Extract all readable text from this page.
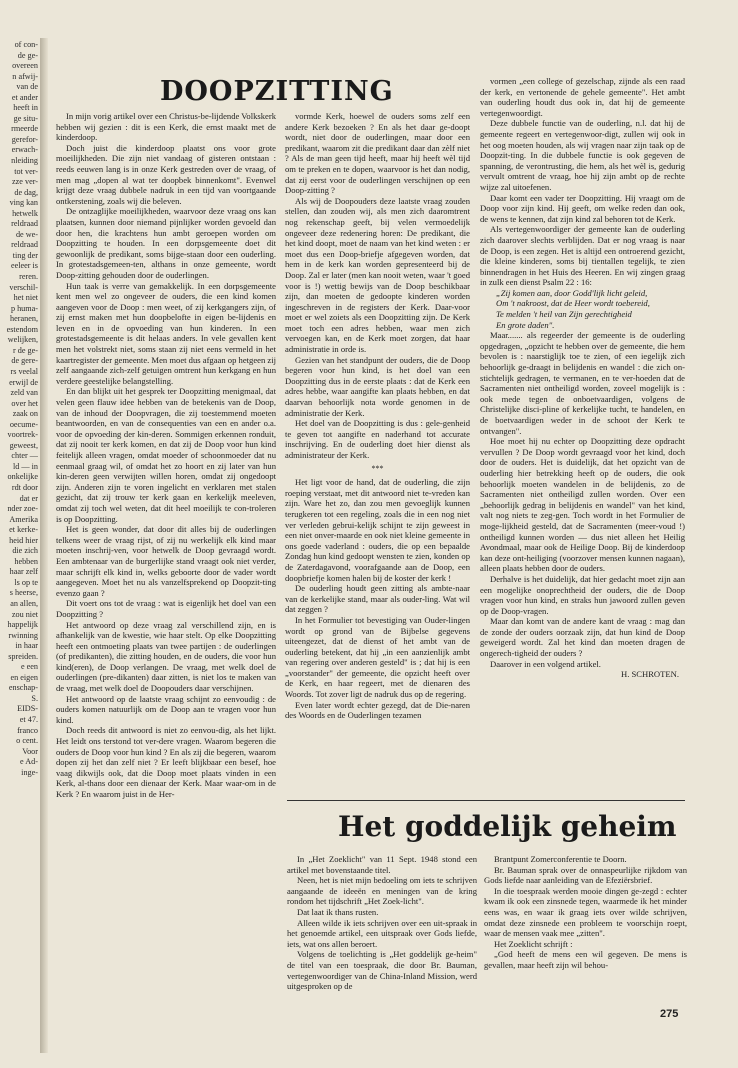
of con-
de ge-
overeen
n afwij-
van de
et ander
heeft in
ge situ-
rmeerde
gerefor-
erwach-
nleiding
tot ver-
zze ver-
de dag,
ving kan
hetwelk
reldraad
de we-
reldraad
ting der
eeleer is
reren.
verschil-
het niet
p huma-
heranen,
estendom
welijken,
r de ge-
de gere-
rs veelal
erwijl de
zeld van
over het
zaak on
oecume-
voortrek-
geweest,
chter —
ld — in
onkelijke
rdt door
dat er
nder zoe-
Amerika
et kerke-
heid hier
die zich
hebben
haar zelf
ls op te
s heerse,
an allen,
zou niet
happelijk
rwinning
in haar
spreiden.
e een
en eigen
enschap-
S.
EIDS-
et 47.
franco
o cent.
Voor
e Ad-
inge-
DOOPZITTING

In mijn vorig artikel over een Christus-be-lijdende Volkskerk hebben wij gezien : dit is een Kerk, die ernst maakt met de kinderdoop.

Doch juist die kinderdoop plaatst ons voor grote moeilijkheden. Die zijn niet vandaag of gisteren ontstaan : reeds eeuwen lang is in onze Kerk gestreden over de vraag, of men mag „dopen al wat ter doopbek binnenkomt". Evenwel krijgt deze vraag dubbele nadruk in een tijd van voortgaande ontkerstening, zoals wij die beleven.

De ontzaglijke moeilijkheden, waarvoor deze vraag ons kan plaatsen, kunnen door niemand pijnlijker worden gevoeld dan door hen, die krachtens hun ambt geroepen worden om Doopzitting te houden. In een dorpsgemeente doet dit gewoonlijk de predikant, soms bijge-staan door een ouderling. In grotestadsgemeen-ten, althans in onze gemeente, wordt Doop-zitting gehouden door de ouderlingen.

Hun taak is verre van gemakkelijk. In een dorpsgemeente kent men wel zo ongeveer de ouders, die een kind komen aangeven voor de Doop : men weet, of zij kerkgangers zijn, of zij ernst maken met hun doopbelofte in eigen be-lijdenis en leven en in de opvoeding van hun kinderen. In een grotestadsgemeente is dit helaas anders. In vele gevallen kent men het volstrekt niet, soms staan zij niet eens vermeld in het kaartregister der gemeente. Men moet dus afgaan op hetgeen zij zelf aangaande zich-zelf getuigen omtrent hun kerkgang en hun verdere geestelijke belangstelling.

En dan blijkt uit het gesprek ter Doopzitting menigmaal, dat velen geen flauw idee hebben van de betekenis van de Doop, van de inhoud der Doopvragen, die zij toestemmend moeten beantwoorden, en van de consequenties van een en ander o.a. voor de opvoeding der kin-deren. Sommigen erkennen ronduit, dat zij nooit ter kerk komen, en dat zij de Doop voor hun kind feitelijk alleen vragen, omdat moeder of schoonmoeder dat nu eenmaal graag wil, of omdat het zo hoort en zij later van hun kin-deren geen verwijten willen horen, omdat zij ongedoopt zijn. Anderen zijn te voren ingelicht en verklaren met stalen gezicht, dat zij trouw ter kerk gaan en kerkelijk meeleven, omdat zij toch wel weten, dat dit heel moeilijk te con-troleren is op Doopzitting.

Het is geen wonder, dat door dit alles bij de ouderlingen telkens weer de vraag rijst, of zij nu werkelijk elk kind maar moeten inschrij-ven, voor hetwelk de Doop gevraagd wordt. Een ambtenaar van de burgerlijke stand vraagt ook niet verder, maar schrijft elk kind in, welks geboorte door de vader wordt aangegeven. Moet het nu als vanzelfsprekend op Doopzit-ting evenzo gaan ?

Dit voert ons tot de vraag : wat is eigenlijk het doel van een Doopzitting ?

Het antwoord op deze vraag zal verschillend zijn, en is afhankelijk van de kwestie, wie haar stelt. Op elke Doopzitting heeft een ontmoeting plaats van twee partijen : de ouderlingen (of predikanten), die zitting houden, en de ouders, die voor hun kind(eren), de Doop verlangen. De vraag, met welk doel de ouderlingen (pre-dikanten) daar zitten, is niet los te maken van de vraag, met welk doel de Doopouders daar verschijnen.

Het antwoord op de laatste vraag schijnt zo eenvoudig : de ouders komen natuurlijk om de Doop aan te vragen voor hun kind.

Doch reeds dit antwoord is niet zo eenvou-dig, als het lijkt. Het leidt ons terstond tot ver-dere vragen. Waarom begeren die ouders de Doop voor hun kind ? En als zij die begeren, waarom dopen zij het dan zelf niet ? Er leeft blijkbaar een besef, hoe vaag dikwijls ook, dat die Doop moet plaats vinden in een Kerk, al-thans door een dienaar der Kerk. Maar waar-om in de Kerk ? En waarom juist in de Her-

vormde Kerk, hoewel de ouders soms zelf een andere Kerk bezoeken ? En als het daar ge-doopt wordt, niet door de ouderlingen, maar door een predikant, waarom zit die predikant daar dan zèlf niet ? Als de man geen tijd heeft, maar hij heeft wèl tijd om te preken en te dopen, waarvoor is het dan nodig, dat zij eerst voor de ouderlingen verschijnen op een Doop-zitting ?

Als wij de Doopouders deze laatste vraag zouden stellen, dan zouden wij, als men zich daaromtrent nog rekenschap geeft, bij velen vermoedelijk ongeveer deze redenering horen: De predikant, die het kind doopt, moet de naam van het kind weten : er moet dus een Doop-briefje afgegeven worden, dat hem in de kerk kan worden gepresenteerd bij de Doop. Zal er later (men kan nooit weten, waar 't goed voor is !) wettig bewijs van de Doop beschikbaar zijn, dan moeten de gedoopte kinderen worden ingeschreven in de registers der Kerk. Daar-voor moet er wel zoiets als een Doopzitting zijn. De Kerk moet toch een adres hebben, waar men zich vervoegen kan, en de Kerk moet zorgen, dat haar administratie in orde is.

Gezien van het standpunt der ouders, die de Doop begeren voor hun kind, is het doel van een Doopzitting dus in de eerste plaats : dat de Kerk een adres hebbe, waar aangifte kan plaats hebben, en dat daarvan behoorlijk nota worde genomen in de administratie der Kerk.

Het doel van de Doopzitting is dus : gele-genheid te geven tot aangifte en naderhand tot accurate inschrijving. En de ouderling doet hier dienst als administrateur der Kerk.

***

Het ligt voor de hand, dat de ouderling, die zijn roeping verstaat, met dit antwoord niet te-vreden kan zijn. Ware het zo, dan zou men gevoeglijk kunnen terugkeren tot een regeling, zoals die in een nog niet ver verleden gebrui-kelijk schijnt te zijn geweest in een niet onver-maarde en ook niet kleine gemeente in ons goede vaderland : ouders, die op een bepaalde Zondag hun kind gedoopt wensten te zien, konden op de Zaterdagavond, voorafgaande aan de Doop, een doopbriefje komen halen bij de koster der kerk !

De ouderling houdt geen zitting als ambte-naar van de kerkelijke stand, maar als ouder-ling. Wat wil dat zeggen ?

In het Formulier tot bevestiging van Ouder-lingen wordt op grond van de Bijbelse gegevens uiteengezet, dat de dienst of het ambt van de ouderling betekent, dat hij „in een aanzienlijk ambt van regering over anderen gesteld" is ; dat hij is een „voorstander" der gemeente, die opzicht heeft over de Kerk, en haar regeert, met de dienaren des Woords. Tot zover ligt de nadruk dus op de regering.

Even later wordt echter gezegd, dat de Die-naren des Woords en de Ouderlingen tezamen

vormen „een college of gezelschap, zijnde als een raad der kerk, en vertonende de gehele gemeente". Het ambt van ouderling houdt dus ook in, dat hij de gemeente vertegenwoordigt.

Deze dubbele functie van de ouderling, n.l. dat hij de gemeente regeert en vertegenwoor-digt, zullen wij ook in het oog moeten houden, als wij vragen naar zijn taak op de Doopzit-ting. In die dubbele functie is ook gegeven de spanning, de verontrusting, die hem, als het wèl is, gedurig vervult omtrent de vraag, hoe hij zijn ambt op de rechte wijze zal uitoefenen.

Daar komt een vader ter Doopzitting. Hij vraagt om de Doop voor zijn kind. Hij geeft, om welke reden dan ook, de wens te kennen, dat zijn kind zal behoren tot de Kerk.

Als vertegenwoordiger der gemeente kan de ouderling zich daarover slechts verblijden. Dat er nog vraag is naar de Doop, is een zegen. Het is altijd een ontroerend gezicht, die kleine kinderen, soms bij tientallen tegelijk, te zien binnendragen in het Huis des Heeren. En wij zingen graag in zulk een dienst Psalm 22 : 16:

„Zij komen aan, door Godd'lijk licht geleid,

Om 't nakroost, dat de Heer wordt toebereid,

Te melden 't heil van Zijn gerechtigheid

En grote daden".

Maar....... als regeerder der gemeente is de ouderling opgedragen, „opzicht te hebben over de gemeente, die hem bevolen is : naarstiglijk toe te zien, of een iegelijk zich behoorlijk ge-draagt in belijdenis en wandel : die zich on-stichtelijk gedragen, te vermanen, en te ver-hoeden dat de Sacramenten niet ontheiligd worden, zoveel mogelijk is : ook mede tegen de onboetvaardigen, volgens de Christelijke disci-pline of kerkelijke tucht, te handelen, en de boetvaardigen weder in de schoot der Kerk te ontvangen".

Hoe moet hij nu echter op Doopzitting deze opdracht vervullen ? De Doop wordt gevraagd voor het kind, doch door de ouders. Het is duidelijk, dat het opzicht van de ouderling hier betrekking heeft op de ouders, die ook behoorlijk moeten wandelen in de belijdenis, zo de Sacramenten niet ontheiligd zullen worden. Over een „behoorlijk gedrag in belijdenis en wandel" van het kind, valt nog niets te zeg-gen. Toch wordt in het Formulier de moge-lijkheid gesteld, dat de Sacramenten (meer-voud !) ontheiligd kunnen worden — dus niet alleen het Heilig Avondmaal, maar ook de Heilige Doop. Bij de kinderdoop kan deze ont-heiliging (voorzover mensen kunnen nagaan), alleen plaats hebben door de ouders.

Derhalve is het duidelijk, dat hier gedacht moet zijn aan een mogelijke onoprechtheid der ouders, die de Doop vragen voor hun kind, en straks hun jawoord zullen geven op de Doop-vragen.

Maar dan komt van de andere kant de vraag : mag dan de zonde der ouders oorzaak zijn, dat hun kind de Doop geweigerd wordt. Zal het kind dan moeten dragen de ongerech-tigheid der ouders ?

Daarover in een volgend artikel.

H. SCHROTEN.

Het goddelijk geheim

In „Het Zoeklicht" van 11 Sept. 1948 stond een artikel met bovenstaande titel.

Neen, het is niet mijn bedoeling om iets te schrijven aangaande de ideeën en meningen van de kring rondom het tijdschrift „Het Zoek-licht".

Dat laat ik thans rusten.

Alleen wilde ik iets schrijven over een uit-spraak in het genoemde artikel, een uitspraak over Gods liefde, iets, wat ons allen beroert.

Volgens de toelichting is „Het goddelijk ge-heim" de titel van een toespraak, die door Br. Bauman, vertegenwoordiger van de China-Inland Mission, werd uitgesproken op de

Brantpunt Zomerconferentie te Doorn.

Br. Bauman sprak over de onnaspeurlijke rijkdom van Gods liefde naar aanleiding van de Efeziërsbrief.

In die toespraak werden mooie dingen ge-zegd : echter kwam ik ook een zinsnede tegen, waarmede ik het minder eens was, en waar ik graag iets over wilde schrijven, omdat deze zinsnede een probleem te voorschijn roept, waar de mensen vaak mee „zitten".

Het Zoeklicht schrijft :

„God heeft de mens een wil gegeven. De mens is gevallen, maar heeft zijn wil behou-

275
